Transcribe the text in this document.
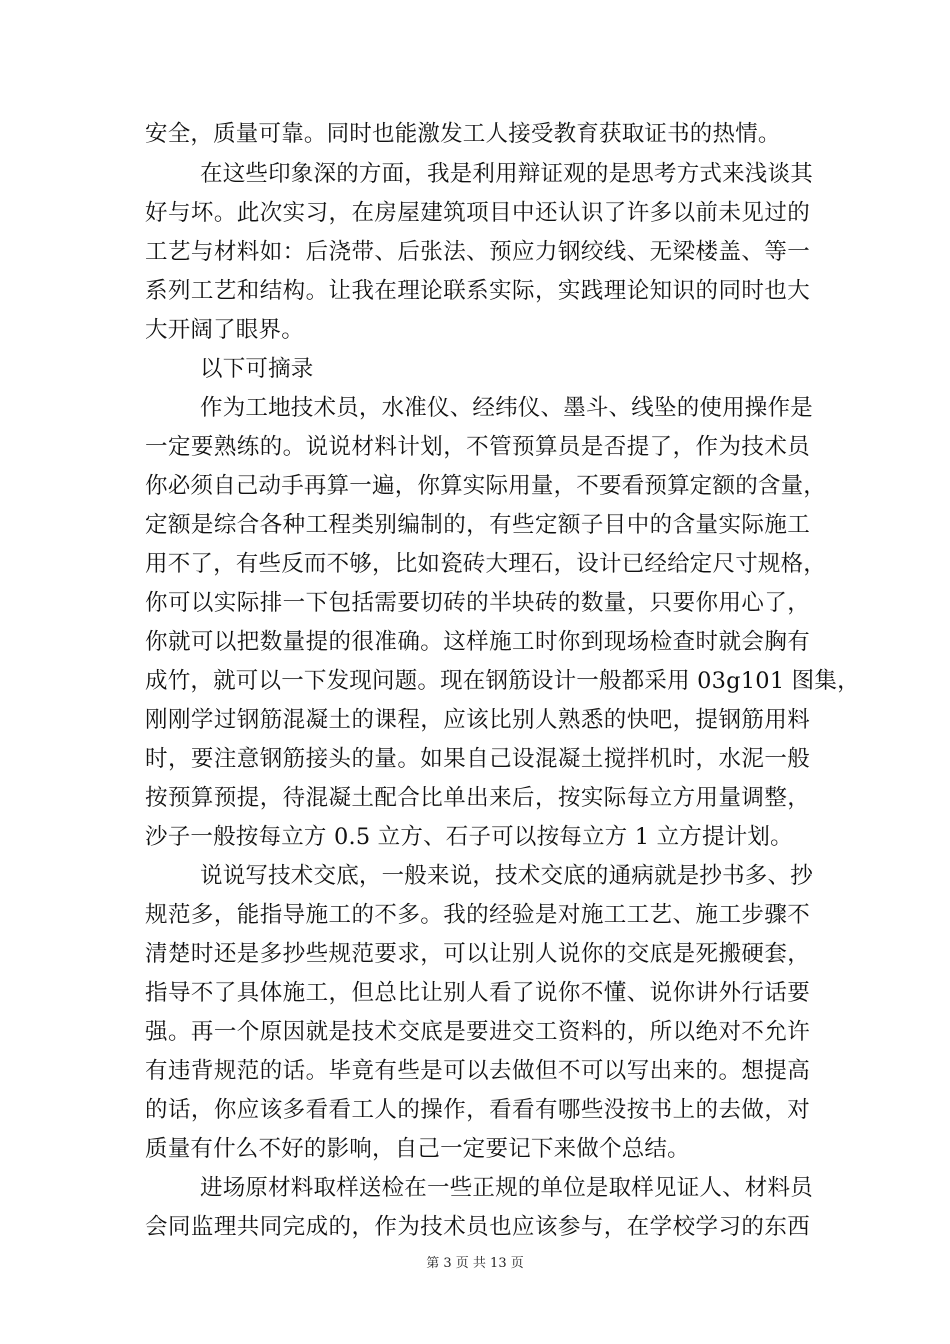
安全，质量可靠。同时也能激发工人接受教育获取证书的热情。
在这些印象深的方面，我是利用辩证观的是思考方式来浅谈其
好与坏。此次实习，在房屋建筑项目中还认识了许多以前未见过的
工艺与材料如：后浇带、后张法、预应力钢绞线、无梁楼盖、等一
系列工艺和结构。让我在理论联系实际，实践理论知识的同时也大
大开阔了眼界。
以下可摘录
作为工地技术员，水准仪、经纬仪、墨斗、线坠的使用操作是
一定要熟练的。说说材料计划，不管预算员是否提了，作为技术员
你必须自己动手再算一遍，你算实际用量，不要看预算定额的含量，
定额是综合各种工程类别编制的，有些定额子目中的含量实际施工
用不了，有些反而不够，比如瓷砖大理石，设计已经给定尺寸规格，
你可以实际排一下包括需要切砖的半块砖的数量，只要你用心了，
你就可以把数量提的很准确。这样施工时你到现场检查时就会胸有
成竹，就可以一下发现问题。现在钢筋设计一般都采用 03g101 图集，
刚刚学过钢筋混凝土的课程，应该比别人熟悉的快吧，提钢筋用料
时，要注意钢筋接头的量。如果自己设混凝土搅拌机时，水泥一般
按预算预提，待混凝土配合比单出来后，按实际每立方用量调整，
沙子一般按每立方 0.5 立方、石子可以按每立方 1 立方提计划。
说说写技术交底，一般来说，技术交底的通病就是抄书多、抄
规范多，能指导施工的不多。我的经验是对施工工艺、施工步骤不
清楚时还是多抄些规范要求，可以让别人说你的交底是死搬硬套，
指导不了具体施工，但总比让别人看了说你不懂、说你讲外行话要
强。再一个原因就是技术交底是要进交工资料的，所以绝对不允许
有违背规范的话。毕竟有些是可以去做但不可以写出来的。想提高
的话，你应该多看看工人的操作，看看有哪些没按书上的去做，对
质量有什么不好的影响，自己一定要记下来做个总结。
进场原材料取样送检在一些正规的单位是取样见证人、材料员
会同监理共同完成的，作为技术员也应该参与，在学校学习的东西
第 3 页 共 13 页
